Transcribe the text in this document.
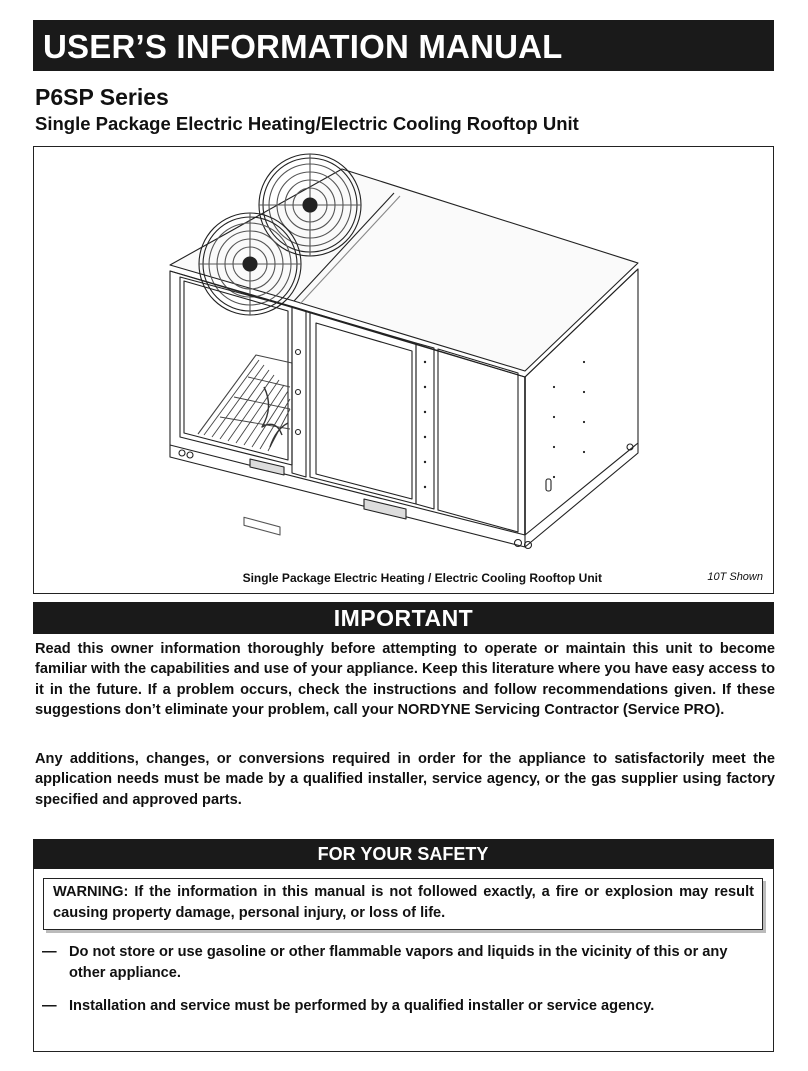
USER’S INFORMATION MANUAL
P6SP Series
Single Package Electric Heating/Electric Cooling Rooftop Unit
Single Package Electric Heating / Electric Cooling Rooftop Unit	10T Shown
IMPORTANT

Read this owner information thoroughly before attempting to operate or maintain this unit to become familiar with the capabilities and use of your appliance. Keep this literature where you have easy access to it in the future. If a problem occurs, check the instructions and follow recommendations given. If these suggestions don’t eliminate your problem, call your NORDYNE Servicing Contractor (Service PRO).

Any additions, changes, or conversions required in order for the appliance to satisfactorily meet the application needs must be made by a qualified installer, service agency, or the gas supplier using factory specified and approved parts.

FOR YOUR SAFETY
WARNING: If the information in this manual is not followed exactly, a fire or explosion may result causing property damage, personal injury, or loss of life.
— Do not store or use gasoline or other flammable vapors and liquids in the vicinity of this or any other appliance.
— Installation and service must be performed by a qualified installer or service agency.
